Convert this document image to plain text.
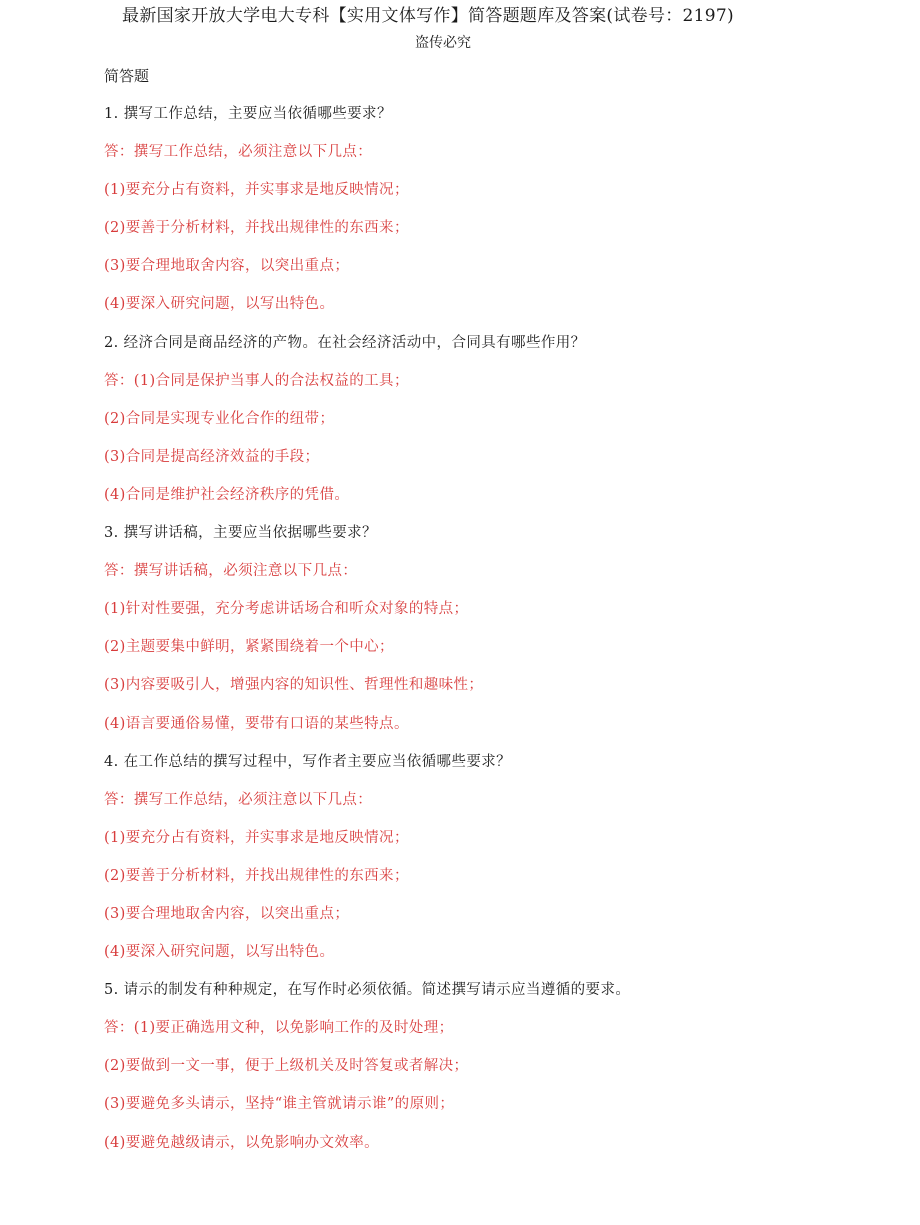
最新国家开放大学电大专科【实用文体写作】简答题题库及答案(试卷号：2197)
盗传必究
简答题
1. 撰写工作总结，主要应当依循哪些要求？
答：撰写工作总结，必须注意以下几点：
(1)要充分占有资料，并实事求是地反映情况；
(2)要善于分析材料，并找出规律性的东西来；
(3)要合理地取舍内容，以突出重点；
(4)要深入研究问题，以写出特色。
2. 经济合同是商品经济的产物。在社会经济活动中，合同具有哪些作用？
答：(1)合同是保护当事人的合法权益的工具；
(2)合同是实现专业化合作的纽带；
(3)合同是提高经济效益的手段；
(4)合同是维护社会经济秩序的凭借。
3. 撰写讲话稿，主要应当依据哪些要求？
答：撰写讲话稿，必须注意以下几点：
(1)针对性要强，充分考虑讲话场合和听众对象的特点；
(2)主题要集中鲜明，紧紧围绕着一个中心；
(3)内容要吸引人，增强内容的知识性、哲理性和趣味性；
(4)语言要通俗易懂，要带有口语的某些特点。
4. 在工作总结的撰写过程中，写作者主要应当依循哪些要求？
答：撰写工作总结，必须注意以下几点：
(1)要充分占有资料，并实事求是地反映情况；
(2)要善于分析材料，并找出规律性的东西来；
(3)要合理地取舍内容，以突出重点；
(4)要深入研究问题，以写出特色。
5. 请示的制发有种种规定，在写作时必须依循。简述撰写请示应当遵循的要求。
答：(1)要正确选用文种，以免影响工作的及时处理；
(2)要做到一文一事，便于上级机关及时答复或者解决；
(3)要避免多头请示，坚持“谁主管就请示谁”的原则；
(4)要避免越级请示，以免影响办文效率。
